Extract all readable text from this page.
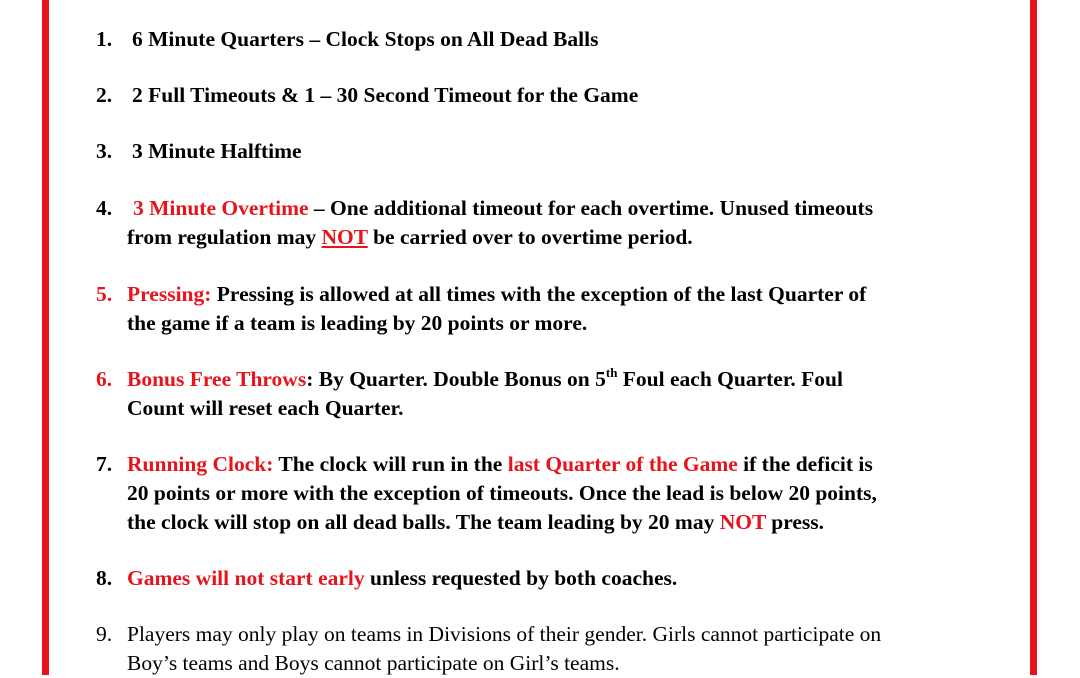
1. 6 Minute Quarters – Clock Stops on All Dead Balls
2. 2 Full Timeouts & 1 – 30 Second Timeout for the Game
3. 3 Minute Halftime
4. 3 Minute Overtime – One additional timeout for each overtime. Unused timeouts
from regulation may NOT be carried over to overtime period.
5. Pressing: Pressing is allowed at all times with the exception of the last Quarter of
the game if a team is leading by 20 points or more.
6. Bonus Free Throws: By Quarter. Double Bonus on 5th Foul each Quarter. Foul
Count will reset each Quarter.
7. Running Clock: The clock will run in the last Quarter of the Game if the deficit is
20 points or more with the exception of timeouts. Once the lead is below 20 points,
the clock will stop on all dead balls. The team leading by 20 may NOT press.
8. Games will not start early unless requested by both coaches.
9. Players may only play on teams in Divisions of their gender. Girls cannot participate on
Boy’s teams and Boys cannot participate on Girl’s teams.
